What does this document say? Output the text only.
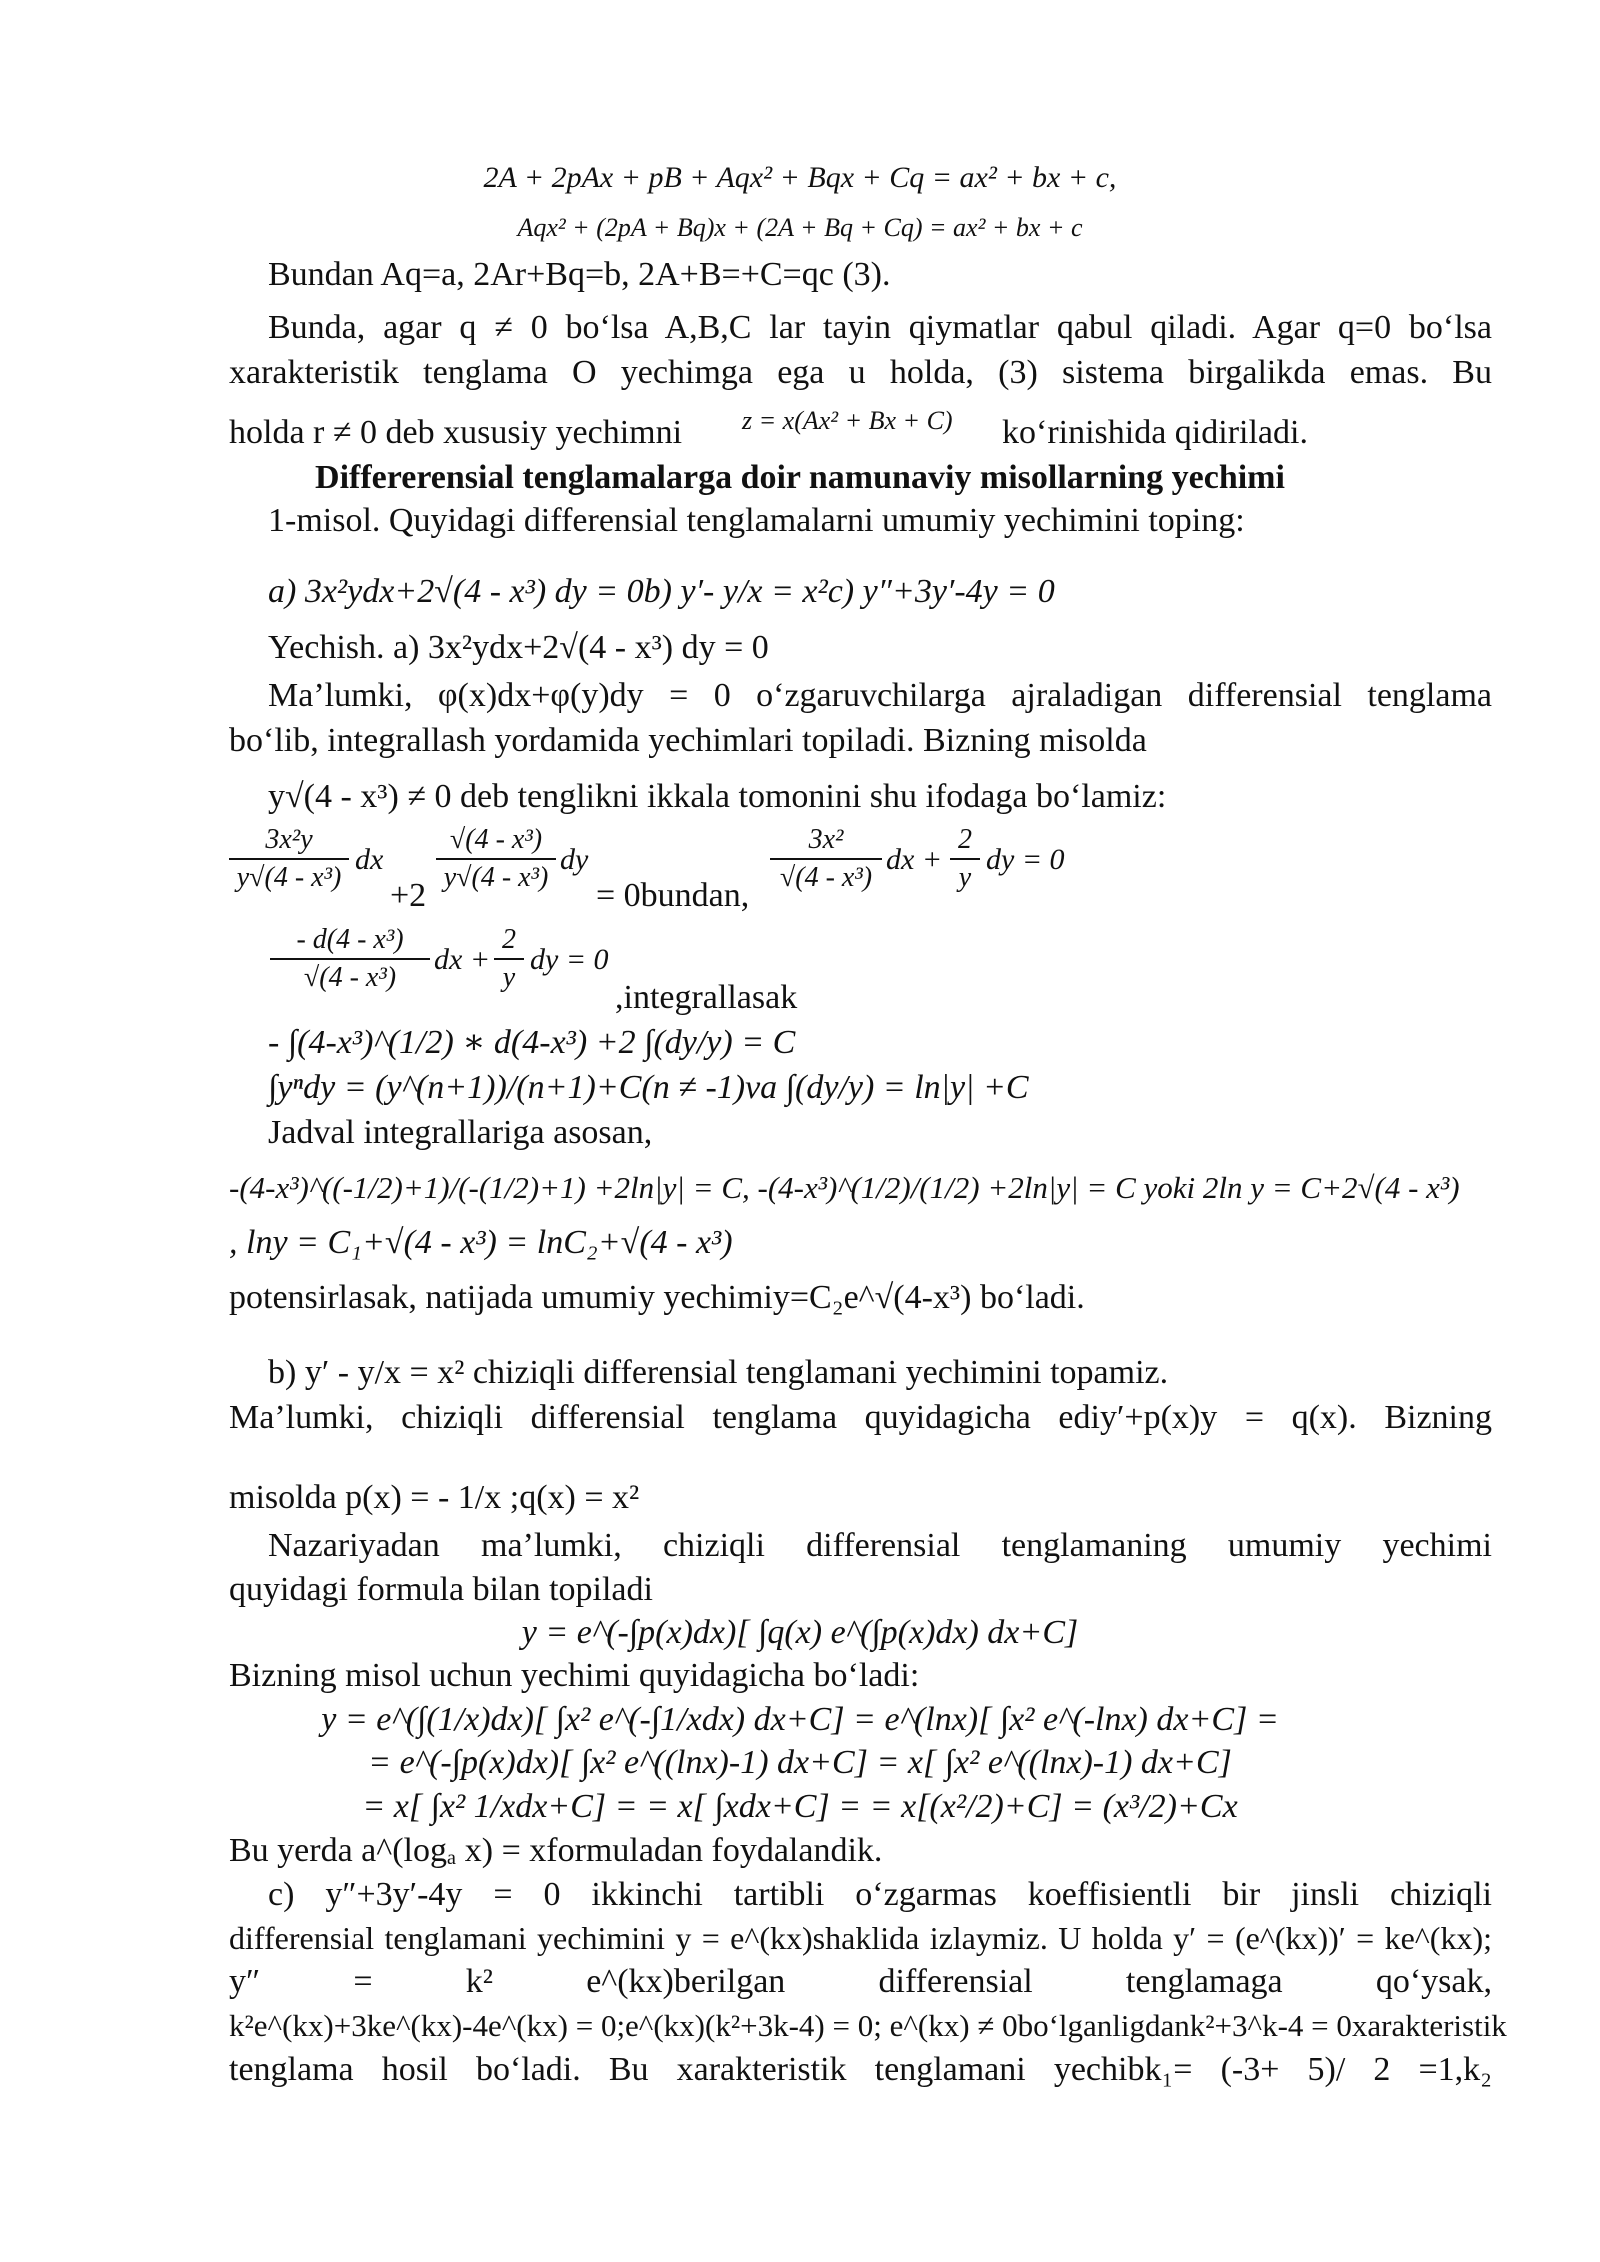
2A + 2pAx + pB + Aqx² + Bqx + Cq = ax² + bx + c,
Aqx² + (2pA + Bq)x + (2A + Bq + Cq) = ax² + bx + c
Bundan Aq=a, 2Ar+Bq=b, 2A+B=+C=qc (3).
Bunda, agar q ≠ 0 bo‘lsa A,B,C lar tayin qiymatlar qabul qiladi. Agar q=0 bo‘lsa
xarakteristik tenglama O yechimga ega u holda, (3) sistema birgalikda emas. Bu
holda r ≠ 0 deb xususiy yechimni z = x(Ax² + Bx + C) ko‘rinishida qidiriladi.
Differerensial tenglamalarga doir namunaviy misollarning yechimi
1-misol. Quyidagi differensial tenglamalarni umumiy yechimini toping:
a) 3x²ydx+2√(4 - x³) dy = 0b) y′- y/x = x²c) y″+3y′-4y = 0
Yechish. a) 3x²ydx+2√(4 - x³) dy = 0
Ma’lumki, φ(x)dx+φ(y)dy = 0 o‘zgaruvchilarga ajraladigan differensial tenglama
bo‘lib, integrallash yordamida yechimlari topiladi. Bizning misolda
y√(4 - x³) ≠ 0 deb tenglikni ikkala tomonini shu ifodaga bo‘lamiz:
3x²y
y√(4 - x³)
dx
+2
√(4 - x³)
y√(4 - x³)
dy
= 0bundan,
3x²
√(4 - x³)
dx +
2
y
dy = 0
- d(4 - x³)
√(4 - x³)
dx +
2
y
dy = 0
,integrallasak
- ∫(4-x³)^(1/2) ∗ d(4-x³) +2 ∫(dy/y) = C
∫yⁿdy = (y^(n+1))/(n+1)+C(n ≠ -1)va ∫(dy/y) = ln|y| +C
Jadval integrallariga asosan,
-(4-x³)^((-1/2)+1)/(-(1/2)+1) +2ln|y| = C, -(4-x³)^(1/2)/(1/2) +2ln|y| = C yoki 2ln y = C+2√(4 - x³)
, lny = C₁+√(4 - x³) = lnC₂+√(4 - x³)
potensirlasak, natijada umumiy yechimiy=C₂e^√(4-x³) bo‘ladi.
b) y′ - y/x = x² chiziqli differensial tenglamani yechimini topamiz.
Ma’lumki, chiziqli differensial tenglama quyidagicha ediy′+p(x)y = q(x). Bizning
misolda p(x) = - 1/x ;q(x) = x²
Nazariyadan ma’lumki, chiziqli differensial tenglamaning umumiy yechimi
quyidagi formula bilan topiladi
y = e^(-∫p(x)dx)[ ∫q(x) e^(∫p(x)dx) dx+C]
Bizning misol uchun yechimi quyidagicha bo‘ladi:
y = e^(∫(1/x)dx)[ ∫x² e^(-∫1/xdx) dx+C] = e^(lnx)[ ∫x² e^(-lnx) dx+C] =
= e^(-∫p(x)dx)[ ∫x² e^((lnx)-1) dx+C] = x[ ∫x² e^((lnx)-1) dx+C]
= x[ ∫x² 1/xdx+C] = = x[ ∫xdx+C] = = x[(x²/2)+C] = (x³/2)+Cx
Bu yerda a^(logₐ x) = xformuladan foydalandik.
c) y″+3y′-4y = 0 ikkinchi tartibli o‘zgarmas koeffisientli bir jinsli chiziqli
differensial tenglamani yechimini y = e^(kx)shaklida izlaymiz. U holda y′ = (e^(kx))′ = ke^(kx);
y″ = k² e^(kx)berilgan differensial tenglamaga qo‘ysak,
k²e^(kx)+3ke^(kx)-4e^(kx) = 0;e^(kx)(k²+3k-4) = 0; e^(kx) ≠ 0bo‘lganligdank²+3^k-4 = 0xarakteristik
tenglama hosil bo‘ladi. Bu xarakteristik tenglamani yechibk₁= (-3+ 5)/ 2 =1,k₂
